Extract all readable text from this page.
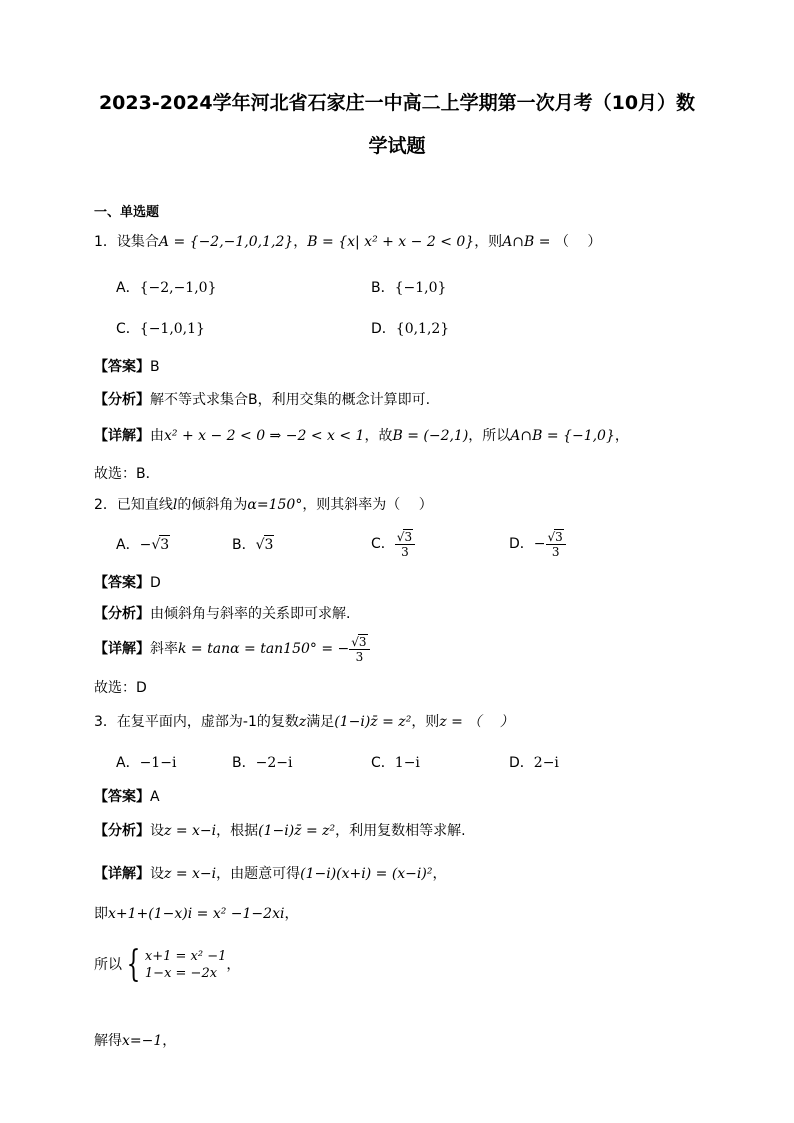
2023-2024学年河北省石家庄一中高二上学期第一次月考（10月）数
学试题
一、单选题
1．设集合A = {−2,−1,0,1,2}，B = {x| x² + x − 2 < 0}，则A∩B = （　 ）
A．{−2,−1,0}	B．{−1,0}
C．{−1,0,1}	D．{0,1,2}
【答案】B
【分析】解不等式求集合B，利用交集的概念计算即可.
【详解】由x² + x − 2 < 0 ⇒ −2 < x < 1，故B = (−2,1)，所以A∩B = {−1,0}，
故选：B．
2．已知直线l的倾斜角为α=150°，则其斜率为（　 ）
A．−√3	B．√3	C． $\frac{√3}{3}$	D．− $\frac{√3}{3}$
【答案】D
【分析】由倾斜角与斜率的关系即可求解.
【详解】斜率k = tanα = tan150° = − $\frac{√3}{3}$
故选：D
3．在复平面内，虚部为-1的复数z满足(1−i)z̄ = z²，则z = （　 ）
A．−1−i	B．−2−i	C．1−i	D．2−i
【答案】A
【分析】设z = x−i，根据(1−i)z̄ = z²，利用复数相等求解.
【详解】设z = x−i，由题意可得(1−i)(x+i) = (x−i)²，
即x+1+(1−x)i = x² −1−2xi，
所以 { x+1 = x² −1
1−x = −2x
，
解得x=−1，
